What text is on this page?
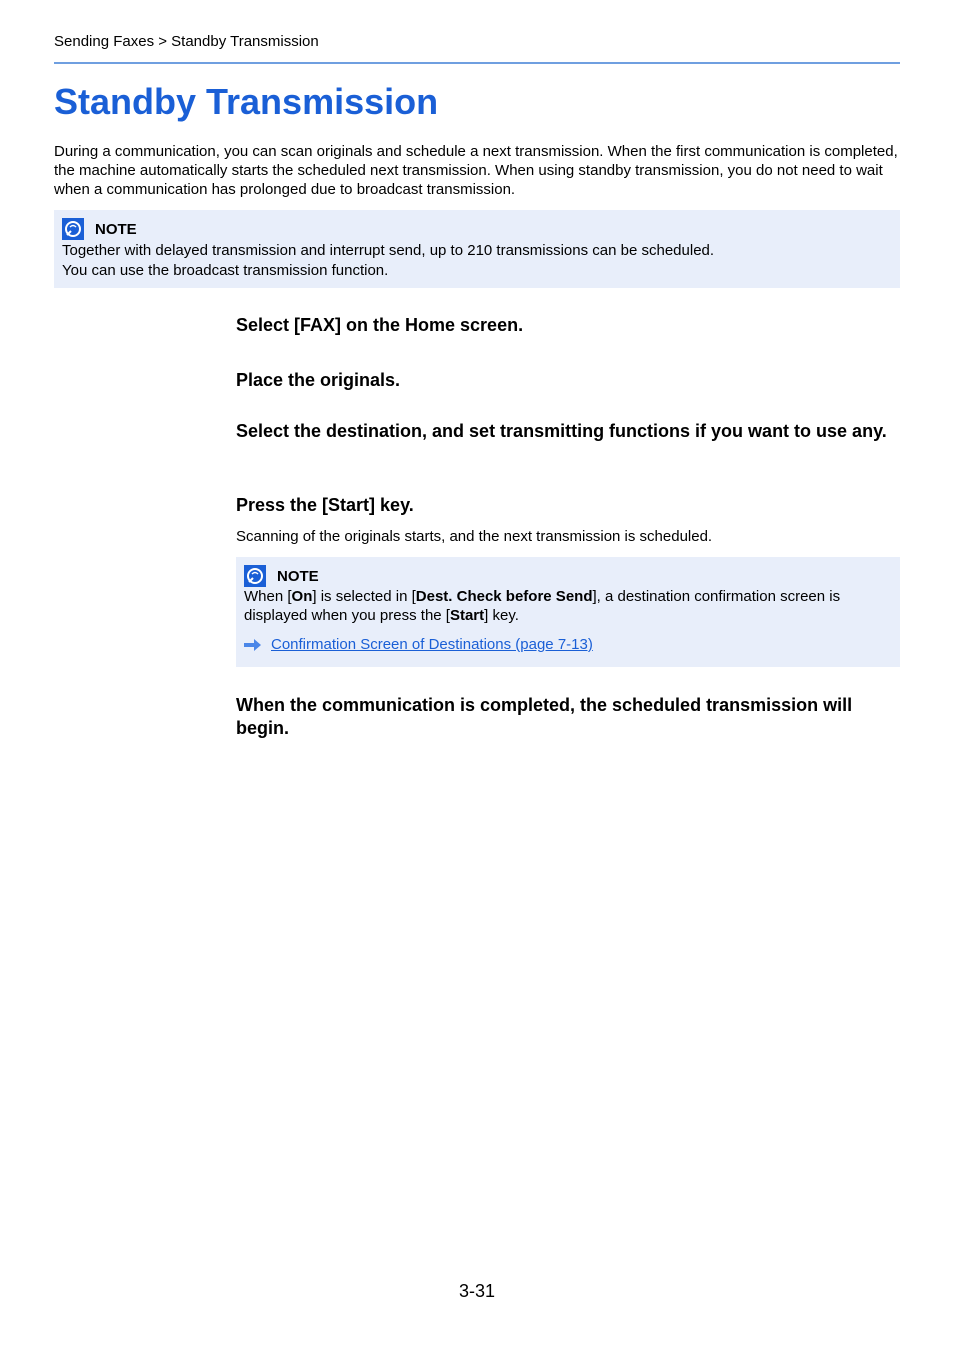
Sending Faxes > Standby Transmission
Standby Transmission

During a communication, you can scan originals and schedule a next transmission. When the first communication is completed, the machine automatically starts the scheduled next transmission. When using standby transmission, you do not need to wait when a communication has prolonged due to broadcast transmission.

NOTE

Together with delayed transmission and interrupt send, up to 210 transmissions can be scheduled.

You can use the broadcast transmission function.

Select [FAX] on the Home screen.

Place the originals.

Select the destination, and set transmitting functions if you want to use any.

Press the [Start] key.

Scanning of the originals starts, and the next transmission is scheduled.

NOTE

When [On] is selected in [Dest. Check before Send], a destination confirmation screen is displayed when you press the [Start] key.

Confirmation Screen of Destinations (page 7-13)

When the communication is completed, the scheduled transmission will begin.

3-31
